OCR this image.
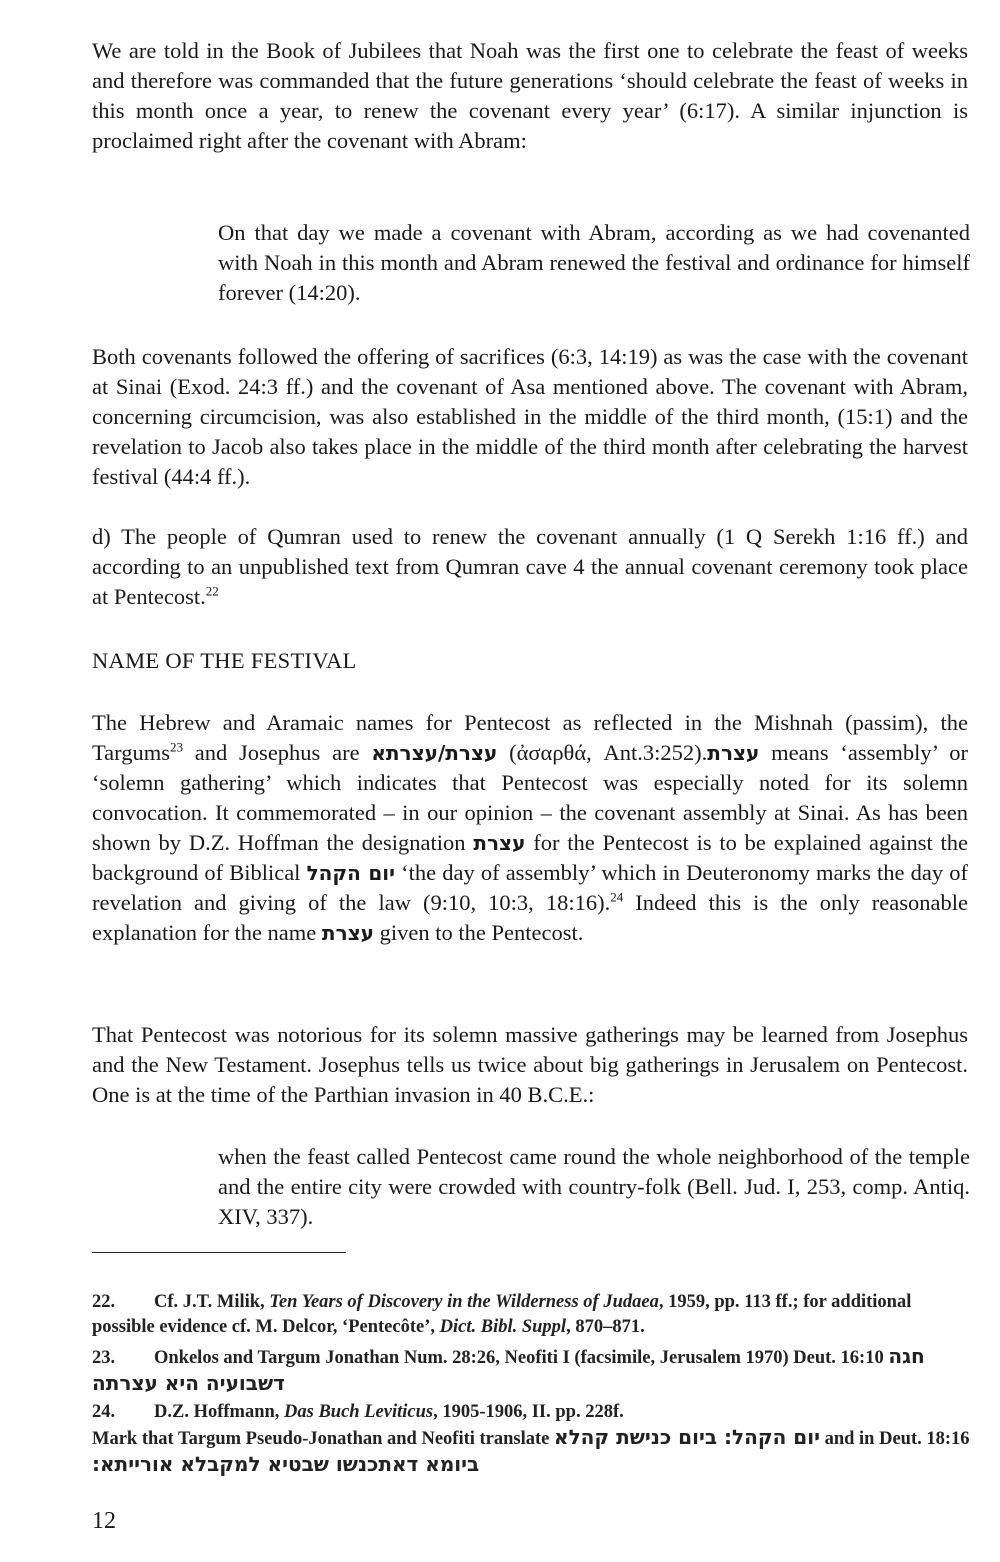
We are told in the Book of Jubilees that Noah was the first one to celebrate the feast of weeks and therefore was commanded that the future generations ‘should celebrate the feast of weeks in this month once a year, to renew the covenant every year’ (6:17). A similar injunction is proclaimed right after the covenant with Abram:

On that day we made a covenant with Abram, according as we had covenanted with Noah in this month and Abram renewed the festival and ordinance for himself forever (14:20).

Both covenants followed the offering of sacrifices (6:3, 14:19) as was the case with the covenant at Sinai (Exod. 24:3 ff.) and the covenant of Asa mentioned above. The covenant with Abram, concerning circumcision, was also established in the middle of the third month, (15:1) and the revelation to Jacob also takes place in the middle of the third month after celebrating the harvest festival (44:4 ff.).

d) The people of Qumran used to renew the covenant annually (1 Q Serekh 1:16 ff.) and according to an unpublished text from Qumran cave 4 the annual covenant ceremony took place at Pentecost.$^{22}$

NAME OF THE FESTIVAL

The Hebrew and Aramaic names for Pentecost as reflected in the Mishnah (passim), the Targums$^{23}$ and Josephus are עצרת/עצרתא (ἀσαρθά, Ant.3:252).עצרת means ‘assembly’ or ‘solemn gathering’ which indicates that Pentecost was especially noted for its solemn convocation. It commemorated – in our opinion – the covenant assembly at Sinai. As has been shown by D.Z. Hoffman the designation עצרת for the Pentecost is to be explained against the background of Biblical יום הקהל ‘the day of assembly’ which in Deuteronomy marks the day of revelation and giving of the law (9:10, 10:3, 18:16).$^{24}$ Indeed this is the only reasonable explanation for the name עצרת given to the Pentecost.

That Pentecost was notorious for its solemn massive gatherings may be learned from Josephus and the New Testament. Josephus tells us twice about big gatherings in Jerusalem on Pentecost. One is at the time of the Parthian invasion in 40 B.C.E.:

when the feast called Pentecost came round the whole neighborhood of the temple and the entire city were crowded with country-folk (Bell. Jud. I, 253, comp. Antiq. XIV, 337).

22. Cf. J.T. Milik, Ten Years of Discovery in the Wilderness of Judaea, 1959, pp. 113 ff.; for additional possible evidence cf. M. Delcor, ‘Pentecôte’, Dict. Bibl. Suppl, 870–871.

23. Onkelos and Targum Jonathan Num. 28:26, Neofiti I (facsimile, Jerusalem 1970) Deut. 16:10 חגה דשבועיה היא עצרתה

24. D.Z. Hoffmann, Das Buch Leviticus, 1905-1906, II. pp. 228f.
Mark that Targum Pseudo-Jonathan and Neofiti translate יום הקהל: ביום כנישת קהלא and in Deut. 18:16 ביומא דאתכנשו שבטיא למקבלא אורייתא:

12
